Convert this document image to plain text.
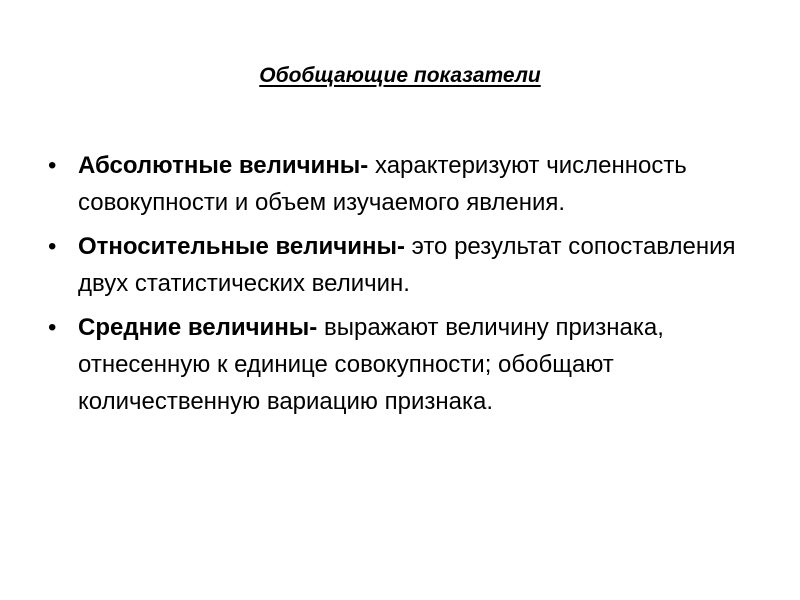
Обобщающие показатели
• Абсолютные величины- характеризуют численность совокупности и объем изучаемого явления.
• Относительные величины- это результат сопоставления двух статистических величин.
• Средние величины- выражают величину признака, отнесенную к единице совокупности; обобщают количественную вариацию признака.
